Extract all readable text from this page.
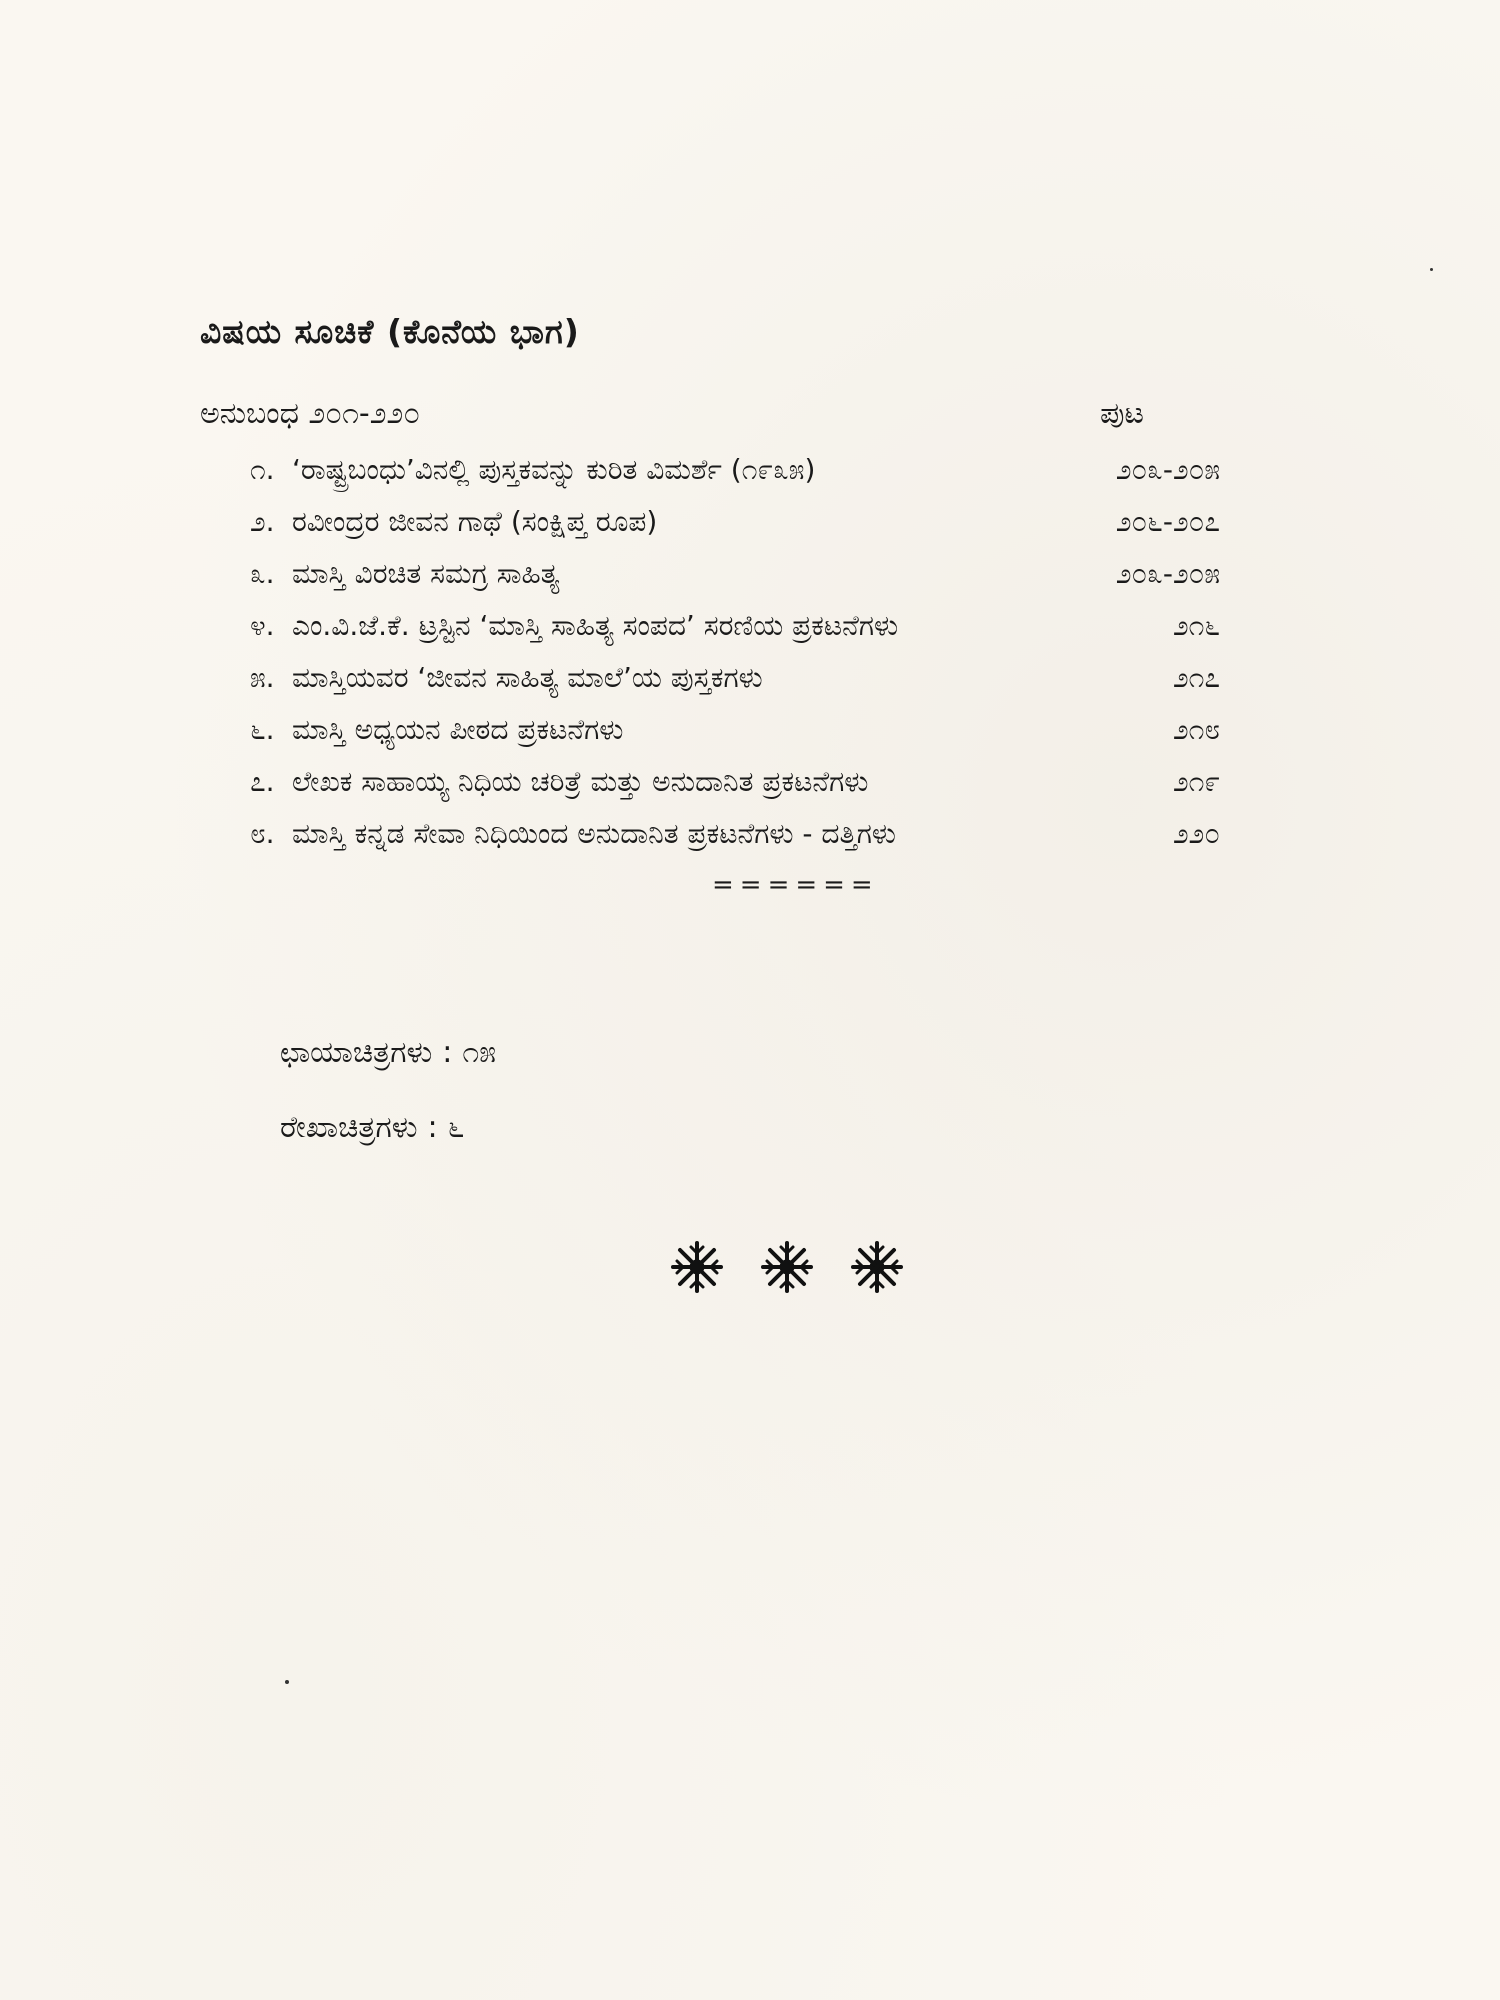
ವಿಷಯ ಸೂಚಿಕೆ (ಕೊನೆಯ ಭಾಗ)
ಅನುಬಂಧ ೨೦೧-೨೨೦	ಪುಟ
೧. ‘ರಾಷ್ಟ್ರಬಂಧು’ವಿನಲ್ಲಿ ಪುಸ್ತಕವನ್ನು ಕುರಿತ ವಿಮರ್ಶೆ (೧೯೩೫)	೨೦೩-೨೦೫
೨. ರವೀಂದ್ರರ ಜೀವನ ಗಾಥೆ (ಸಂಕ್ಷಿಪ್ತ ರೂಪ)	೨೦೬-೨೦೭
೩. ಮಾಸ್ತಿ ವಿರಚಿತ ಸಮಗ್ರ ಸಾಹಿತ್ಯ	೨೦೩-೨೦೫
೪. ಎಂ.ವಿ.ಜೆ.ಕೆ. ಟ್ರಸ್ಟಿನ ‘ಮಾಸ್ತಿ ಸಾಹಿತ್ಯ ಸಂಪದ’ ಸರಣಿಯ ಪ್ರಕಟನೆಗಳು	೨೧೬
೫. ಮಾಸ್ತಿಯವರ ‘ಜೀವನ ಸಾಹಿತ್ಯ ಮಾಲೆ’ಯ ಪುಸ್ತಕಗಳು	೨೧೭
೬. ಮಾಸ್ತಿ ಅಧ್ಯಯನ ಪೀಠದ ಪ್ರಕಟನೆಗಳು	೨೧೮
೭. ಲೇಖಕ ಸಾಹಾಯ್ಯ ನಿಧಿಯ ಚರಿತ್ರೆ ಮತ್ತು ಅನುದಾನಿತ ಪ್ರಕಟನೆಗಳು	೨೧೯
೮. ಮಾಸ್ತಿ ಕನ್ನಡ ಸೇವಾ ನಿಧಿಯಿಂದ ಅನುದಾನಿತ ಪ್ರಕಟನೆಗಳು - ದತ್ತಿಗಳು	೨೨೦
======
ಛಾಯಾಚಿತ್ರಗಳು : ೧೫
ರೇಖಾಚಿತ್ರಗಳು : ೬
